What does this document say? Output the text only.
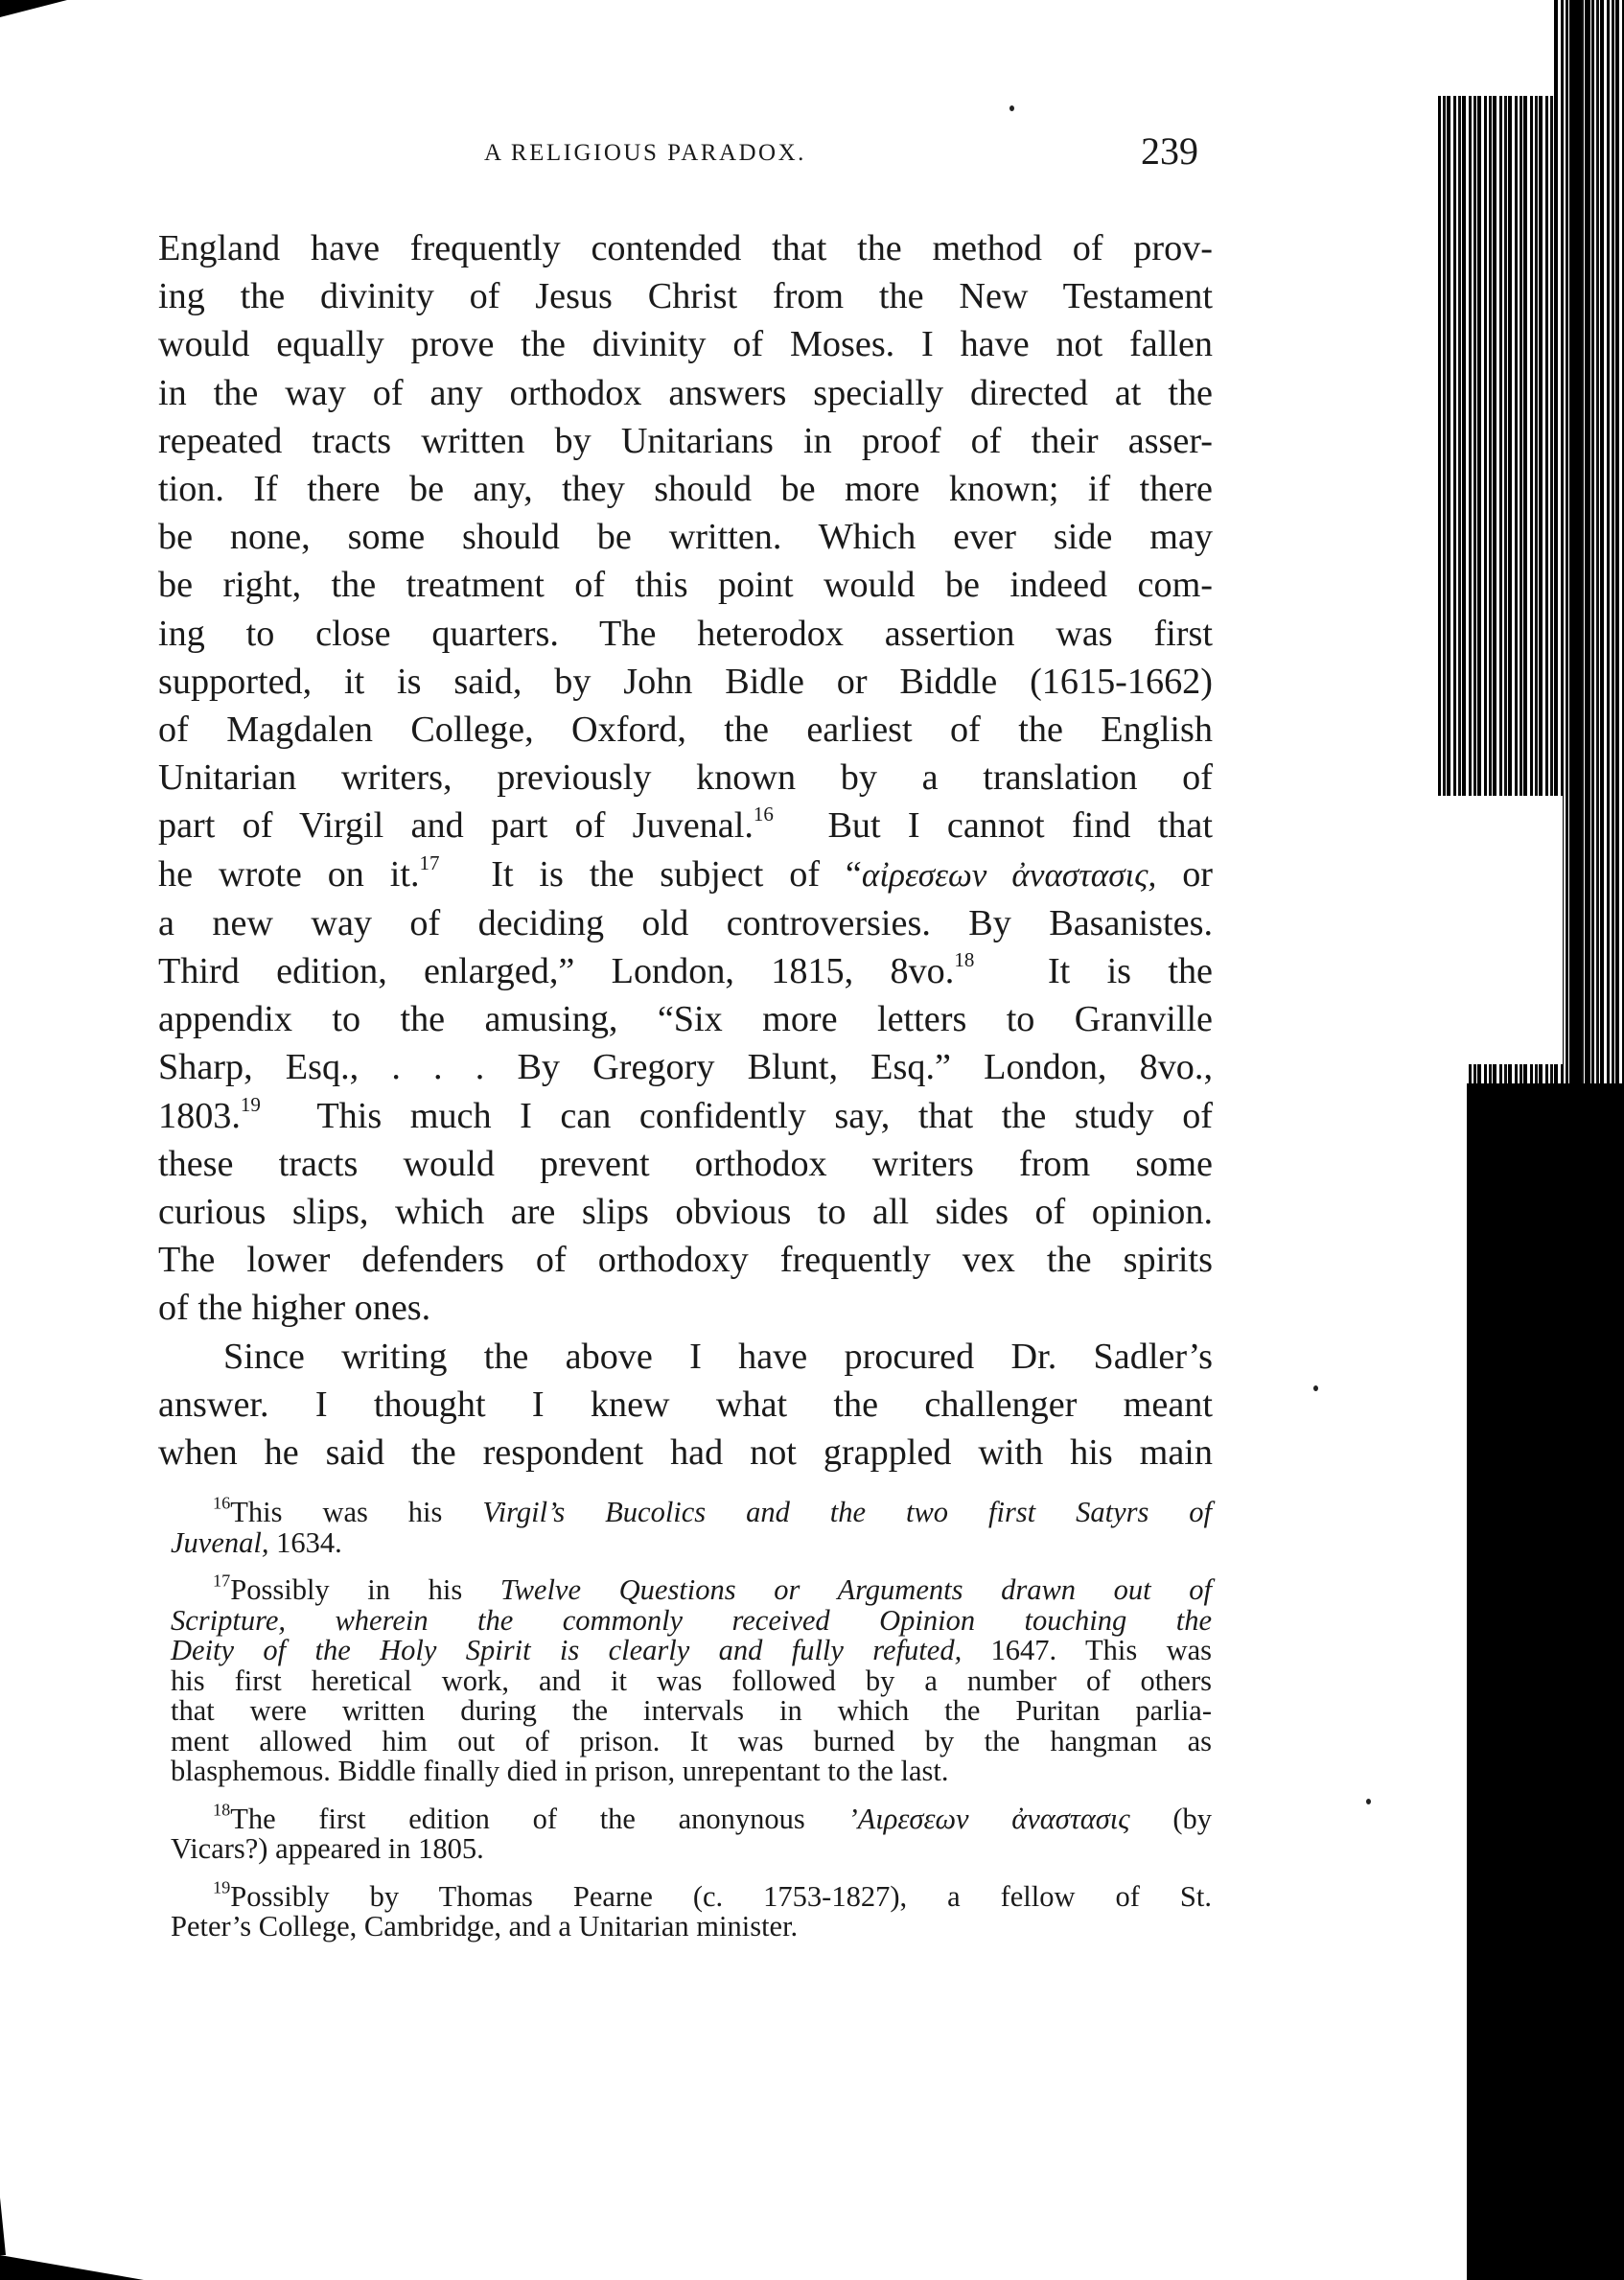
A RELIGIOUS PARADOX.	239
England have frequently contended that the method of prov-
ing the divinity of Jesus Christ from the New Testament
would equally prove the divinity of Moses. I have not fallen
in the way of any orthodox answers specially directed at the
repeated tracts written by Unitarians in proof of their asser-
tion. If there be any, they should be more known; if there
be none, some should be written. Which ever side may
be right, the treatment of this point would be indeed com-
ing to close quarters. The heterodox assertion was first
supported, it is said, by John Bidle or Biddle (1615-1662)
of Magdalen College, Oxford, the earliest of the English
Unitarian writers, previously known by a translation of
part of Virgil and part of Juvenal.$^{16}$ But I cannot find that
he wrote on it.$^{17}$ It is the subject of “αἰρεσεων ἀναστασις, or
a new way of deciding old controversies. By Basanistes.
Third edition, enlarged,” London, 1815, 8vo.$^{18}$ It is the
appendix to the amusing, “Six more letters to Granville
Sharp, Esq., . . . By Gregory Blunt, Esq.” London, 8vo.,
1803.19 This much I can confidently say, that the study of
these tracts would prevent orthodox writers from some
curious slips, which are slips obvious to all sides of opinion.
The lower defenders of orthodoxy frequently vex the spirits
of the higher ones.
Since writing the above I have procured Dr. Sadler’s
answer. I thought I knew what the challenger meant
when he said the respondent had not grappled with his main
$^{16}$This was his Virgil’s Bucolics and the two first Satyrs of
Juvenal, 1634.
$^{17}$Possibly in his Twelve Questions or Arguments drawn out of
Scripture, wherein the commonly received Opinion touching the
Deity of the Holy Spirit is clearly and fully refuted, 1647. This was
his first heretical work, and it was followed by a number of others
that were written during the intervals in which the Puritan parlia-
ment allowed him out of prison. It was burned by the hangman as
blasphemous. Biddle finally died in prison, unrepentant to the last.
$^{18}$The first edition of the anonynous ’Αιρεσεων ἀναστασις (by
Vicars?) appeared in 1805.
$^{19}$Possibly by Thomas Pearne (c. 1753-1827), a fellow of St.
Peter’s College, Cambridge, and a Unitarian minister.
